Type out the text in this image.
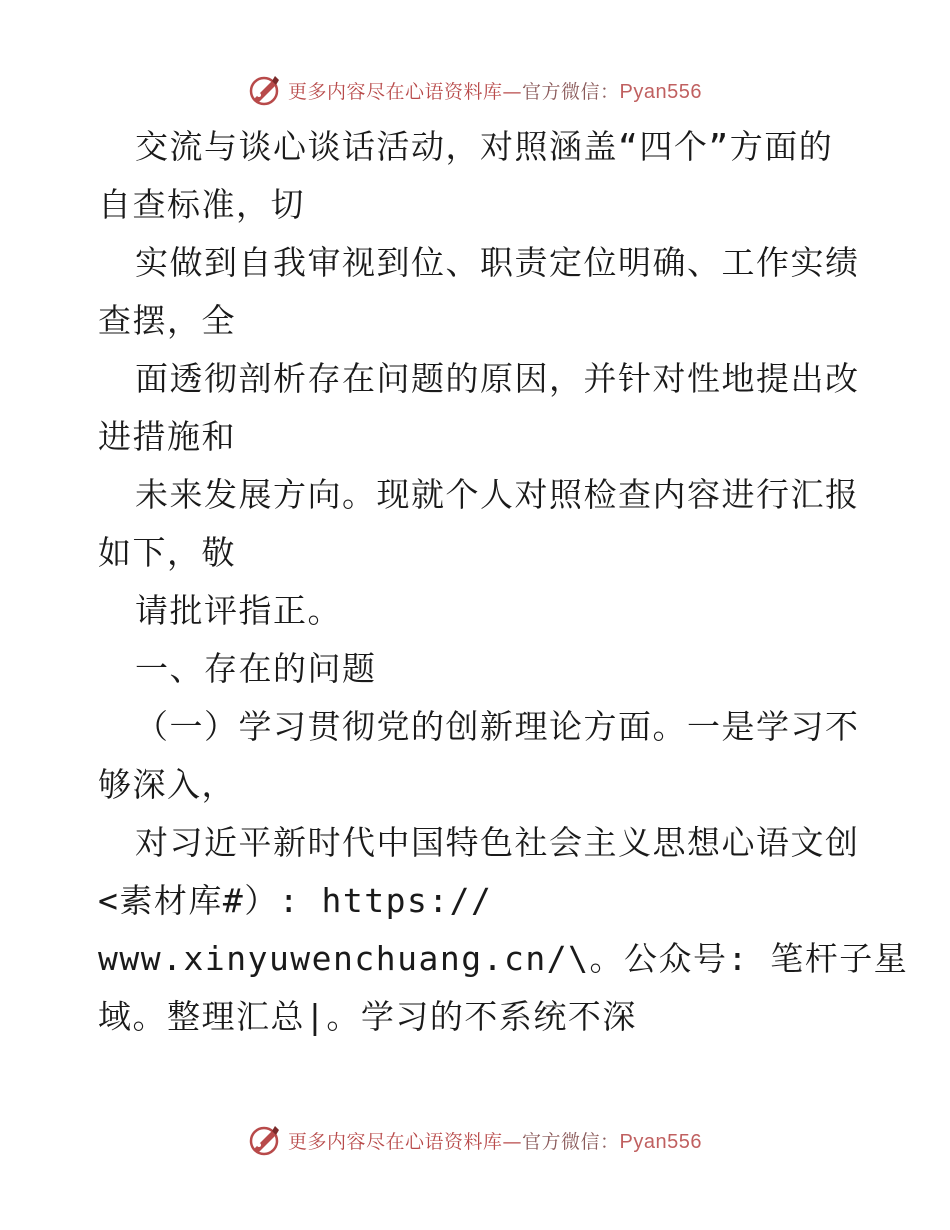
更多内容尽在心语资料库—官方微信：Pyan556
交流与谈心谈话活动，对照涵盖“四个”方面的
自查标准，切
实做到自我审视到位、职责定位明确、工作实绩
查摆，全
面透彻剖析存在问题的原因，并针对性地提出改
进措施和
未来发展方向。现就个人对照检查内容进行汇报
如下，敬
请批评指正。
一、存在的问题
（一）学习贯彻党的创新理论方面。一是学习不
够深入，
对习近平新时代中国特色社会主义思想心语文创
<素材库#）: https://
www.xinyuwenchuang.cn/\。公众号: 笔杆子星
域。整理汇总|。学习的不系统不深
更多内容尽在心语资料库—官方微信：Pyan556
